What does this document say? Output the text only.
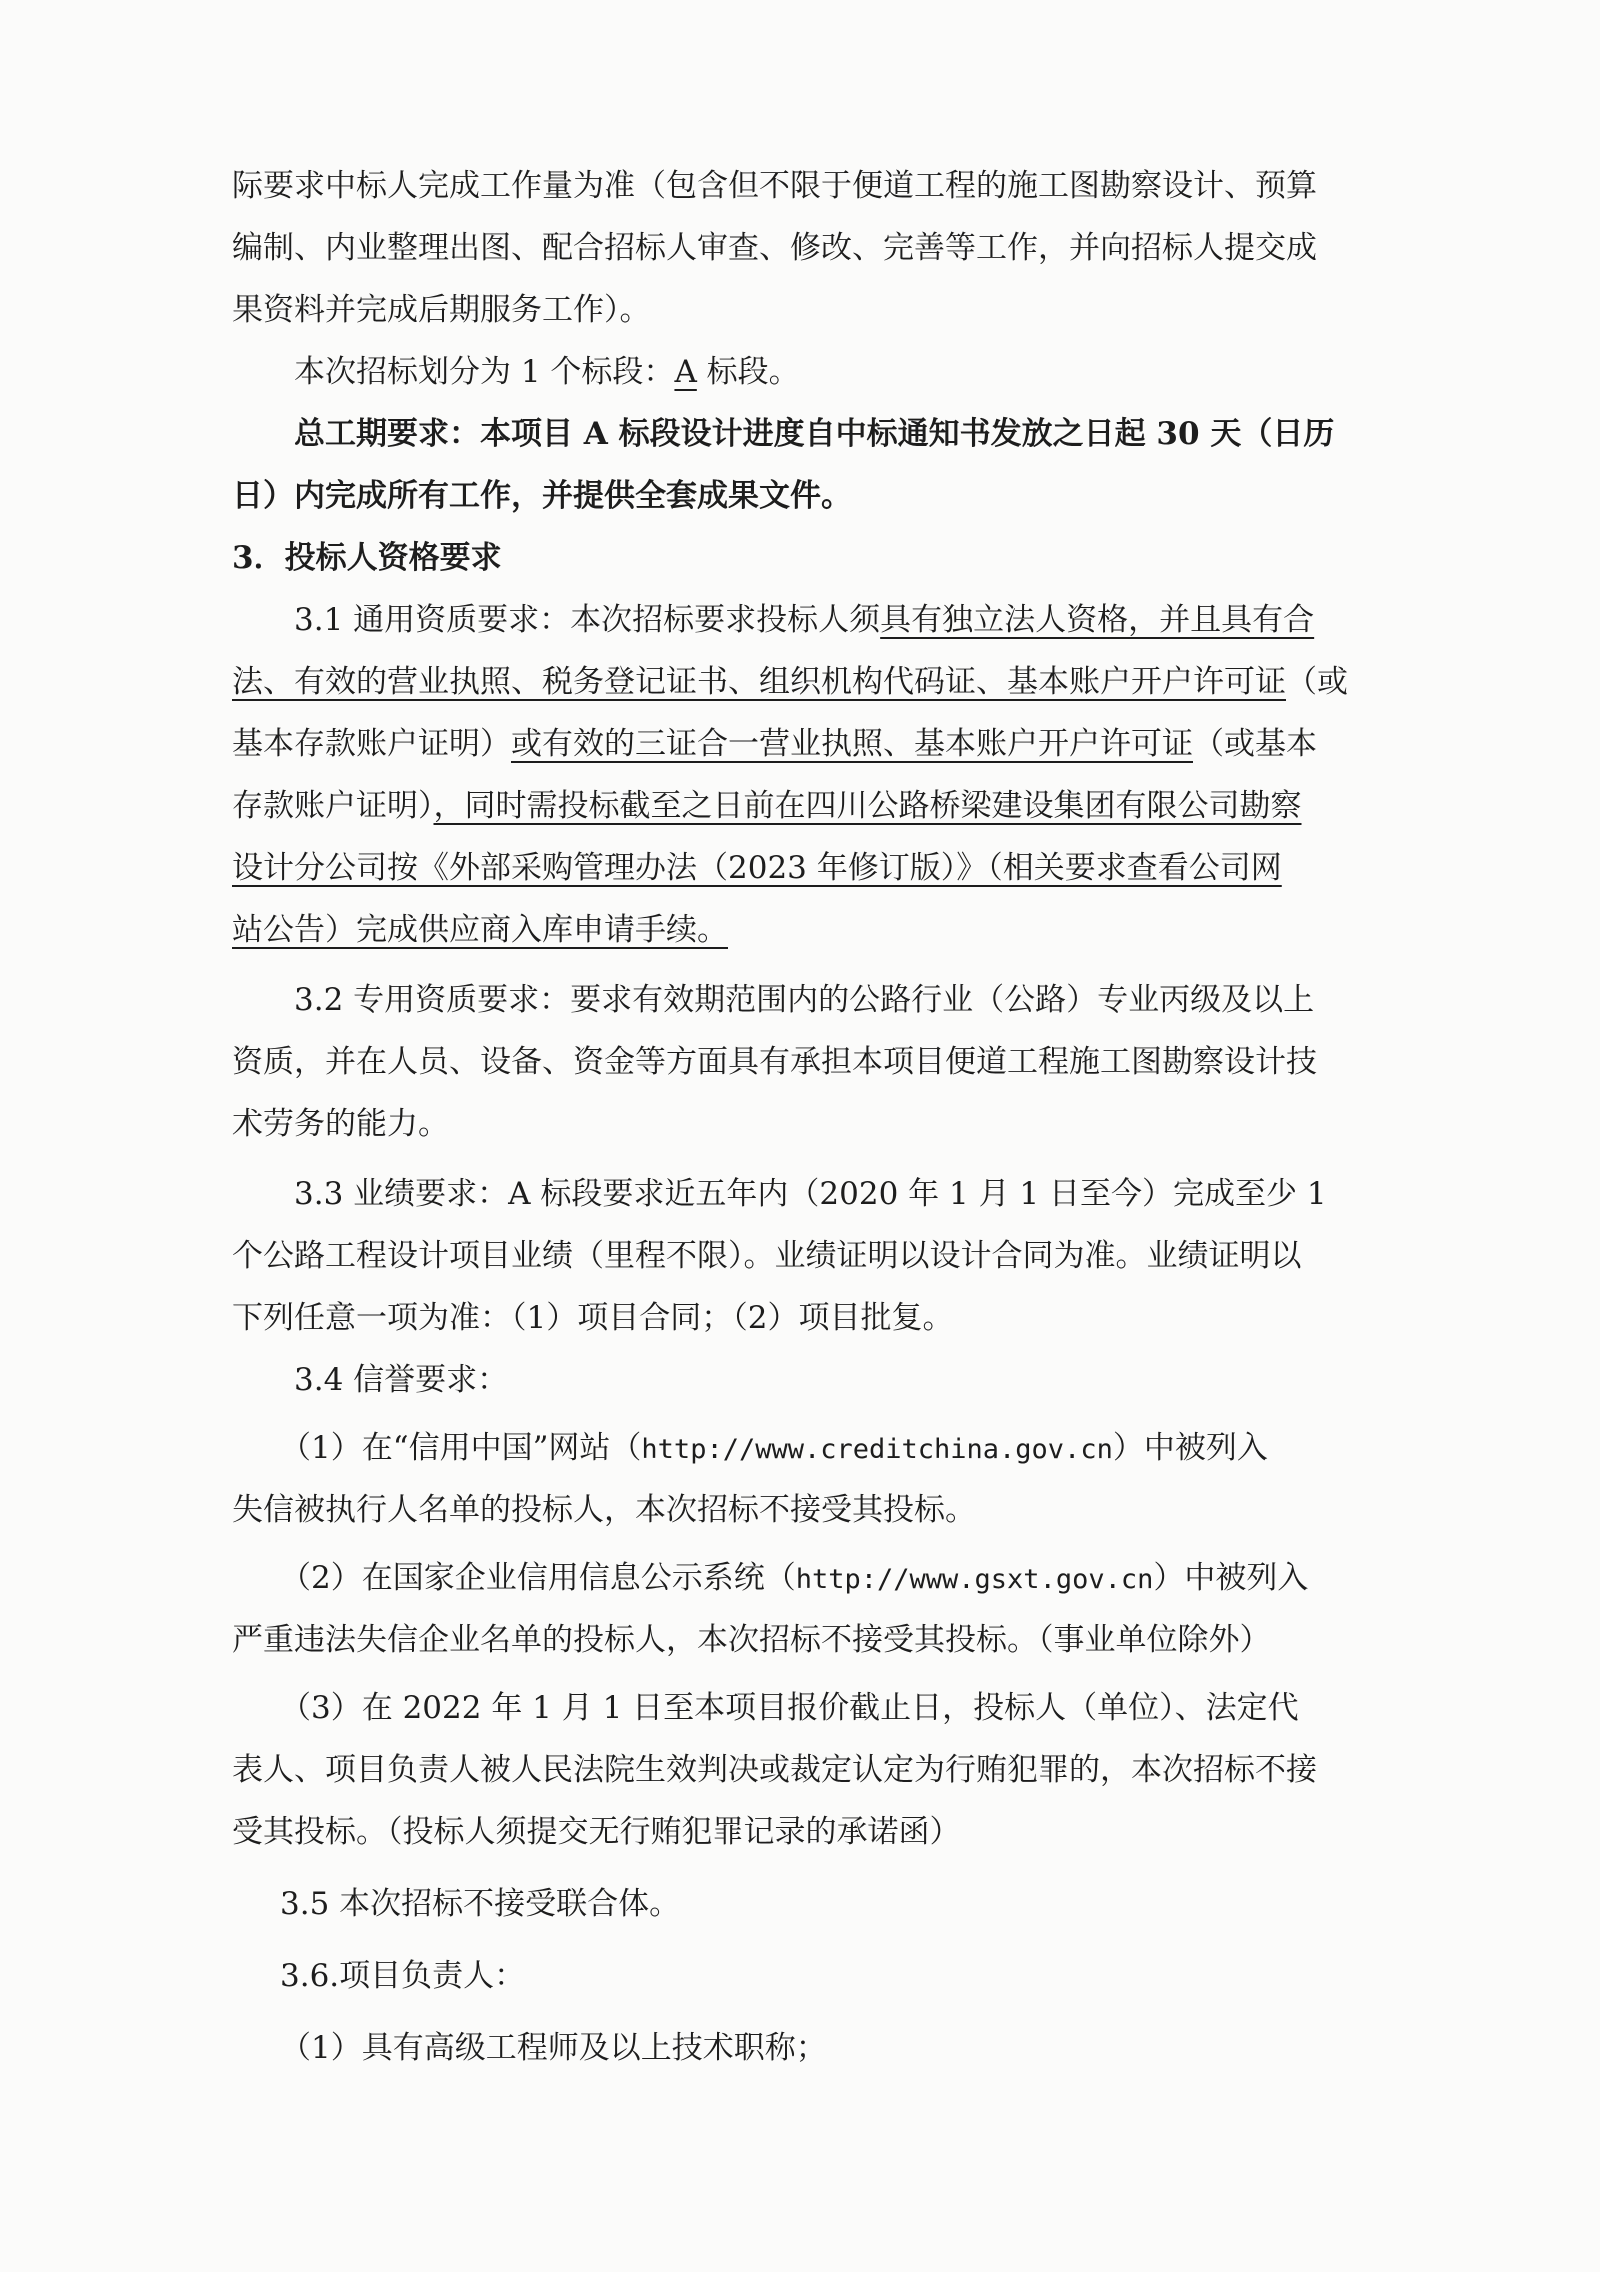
际要求中标人完成工作量为准（包含但不限于便道工程的施工图勘察设计、预算
编制、内业整理出图、配合招标人审查、修改、完善等工作，并向招标人提交成
果资料并完成后期服务工作）。
本次招标划分为 1 个标段：A 标段。
总工期要求：本项目 A 标段设计进度自中标通知书发放之日起 30 天（日历
日）内完成所有工作，并提供全套成果文件。
3．投标人资格要求
3.1 通用资质要求：本次招标要求投标人须具有独立法人资格，并且具有合
法、有效的营业执照、税务登记证书、组织机构代码证、基本账户开户许可证（或
基本存款账户证明）或有效的三证合一营业执照、基本账户开户许可证（或基本
存款账户证明），同时需投标截至之日前在四川公路桥梁建设集团有限公司勘察
设计分公司按《外部采购管理办法（2023 年修订版）》（相关要求查看公司网
站公告）完成供应商入库申请手续。
3.2 专用资质要求：要求有效期范围内的公路行业（公路）专业丙级及以上
资质，并在人员、设备、资金等方面具有承担本项目便道工程施工图勘察设计技
术劳务的能力。
3.3 业绩要求：A 标段要求近五年内（2020 年 1 月 1 日至今）完成至少 1
个公路工程设计项目业绩（里程不限）。业绩证明以设计合同为准。业绩证明以
下列任意一项为准：（1）项目合同；（2）项目批复。
3.4 信誉要求：
（1）在“信用中国”网站（http://www.creditchina.gov.cn）中被列入
失信被执行人名单的投标人，本次招标不接受其投标。
（2）在国家企业信用信息公示系统（http://www.gsxt.gov.cn）中被列入
严重违法失信企业名单的投标人，本次招标不接受其投标。（事业单位除外）
（3）在 2022 年 1 月 1 日至本项目报价截止日，投标人（单位）、法定代
表人、项目负责人被人民法院生效判决或裁定认定为行贿犯罪的，本次招标不接
受其投标。（投标人须提交无行贿犯罪记录的承诺函）
3.5 本次招标不接受联合体。
3.6.项目负责人：
（1）具有高级工程师及以上技术职称；
